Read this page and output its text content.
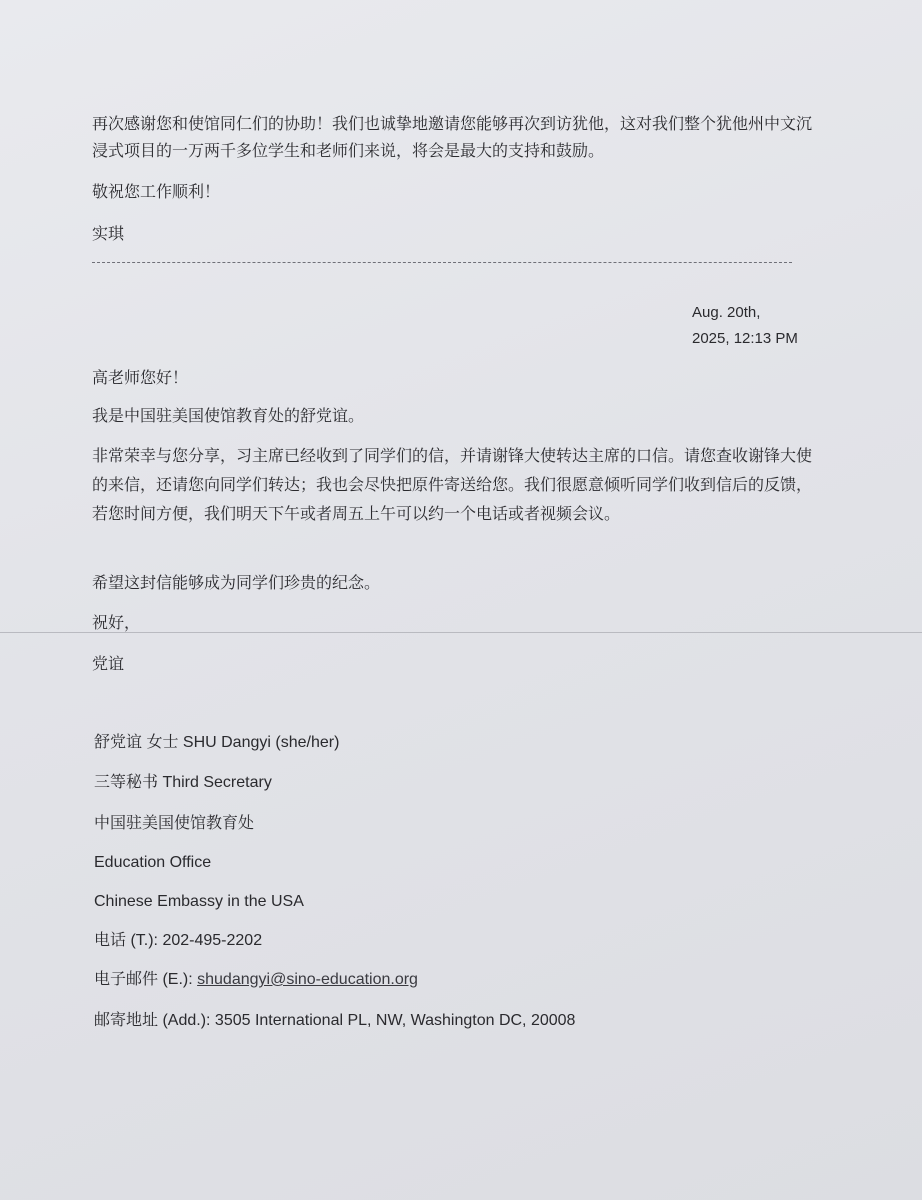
再次感谢您和使馆同仁们的协助！我们也诚挚地邀请您能够再次到访犹他，这对我们整个犹他州中文沉浸式项目的一万两千多位学生和老师们来说，将会是最大的支持和鼓励。

敬祝您工作顺利！

实琪

Aug. 20th,
2025, 12:13 PM

高老师您好！

我是中国驻美国使馆教育处的舒党谊。

非常荣幸与您分享，习主席已经收到了同学们的信，并请谢锋大使转达主席的口信。请您查收谢锋大使的来信，还请您向同学们转达；我也会尽快把原件寄送给您。我们很愿意倾听同学们收到信后的反馈，若您时间方便，我们明天下午或者周五上午可以约一个电话或者视频会议。

希望这封信能够成为同学们珍贵的纪念。

祝好，

党谊

舒党谊 女士 SHU Dangyi (she/her)
三等秘书 Third Secretary
中国驻美国使馆教育处
Education Office
Chinese Embassy in the USA
电话 (T.): 202-495-2202
电子邮件 (E.): shudangyi@sino-education.org
邮寄地址 (Add.): 3505 International PL, NW, Washington DC, 20008
